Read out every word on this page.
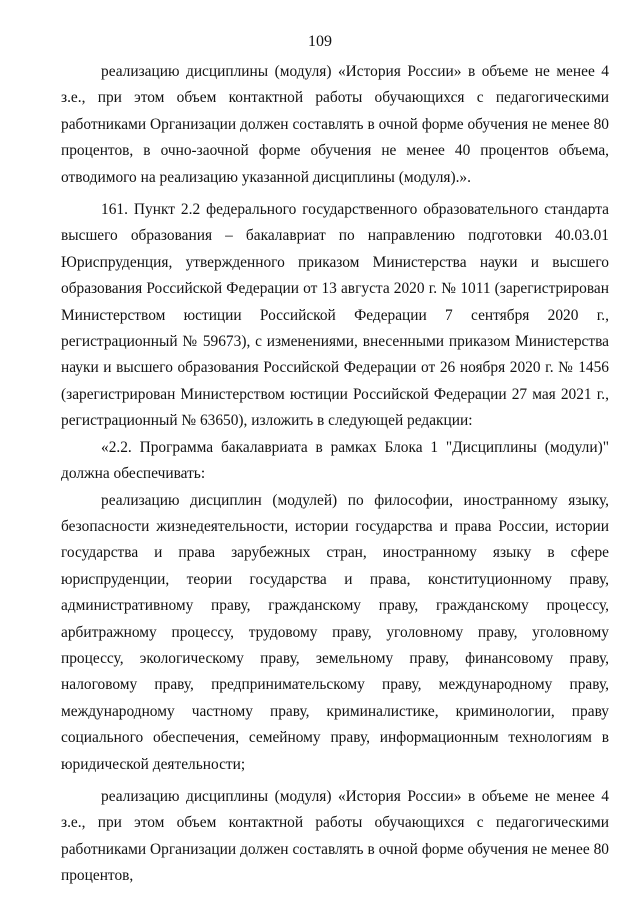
109

реализацию дисциплины (модуля) «История России» в объеме не менее 4 з.е., при этом объем контактной работы обучающихся с педагогическими работниками Организации должен составлять в очной форме обучения не менее 80 процентов, в очно-заочной форме обучения не менее 40 процентов объема, отводимого на реализацию указанной дисциплины (модуля).».

161. Пункт 2.2 федерального государственного образовательного стандарта высшего образования – бакалавриат по направлению подготовки 40.03.01 Юриспруденция, утвержденного приказом Министерства науки и высшего образования Российской Федерации от 13 августа 2020 г. № 1011 (зарегистрирован Министерством юстиции Российской Федерации 7 сентября 2020 г., регистрационный № 59673), с изменениями, внесенными приказом Министерства науки и высшего образования Российской Федерации от 26 ноября 2020 г. № 1456 (зарегистрирован Министерством юстиции Российской Федерации 27 мая 2021 г., регистрационный № 63650), изложить в следующей редакции:

«2.2. Программа бакалавриата в рамках Блока 1 "Дисциплины (модули)" должна обеспечивать:

реализацию дисциплин (модулей) по философии, иностранному языку, безопасности жизнедеятельности, истории государства и права России, истории государства и права зарубежных стран, иностранному языку в сфере юриспруденции, теории государства и права, конституционному праву, административному праву, гражданскому праву, гражданскому процессу, арбитражному процессу, трудовому праву, уголовному праву, уголовному процессу, экологическому праву, земельному праву, финансовому праву, налоговому праву, предпринимательскому праву, международному праву, международному частному праву, криминалистике, криминологии, праву социального обеспечения, семейному праву, информационным технологиям в юридической деятельности;

реализацию дисциплины (модуля) «История России» в объеме не менее 4 з.е., при этом объем контактной работы обучающихся с педагогическими работниками Организации должен составлять в очной форме обучения не менее 80 процентов,
